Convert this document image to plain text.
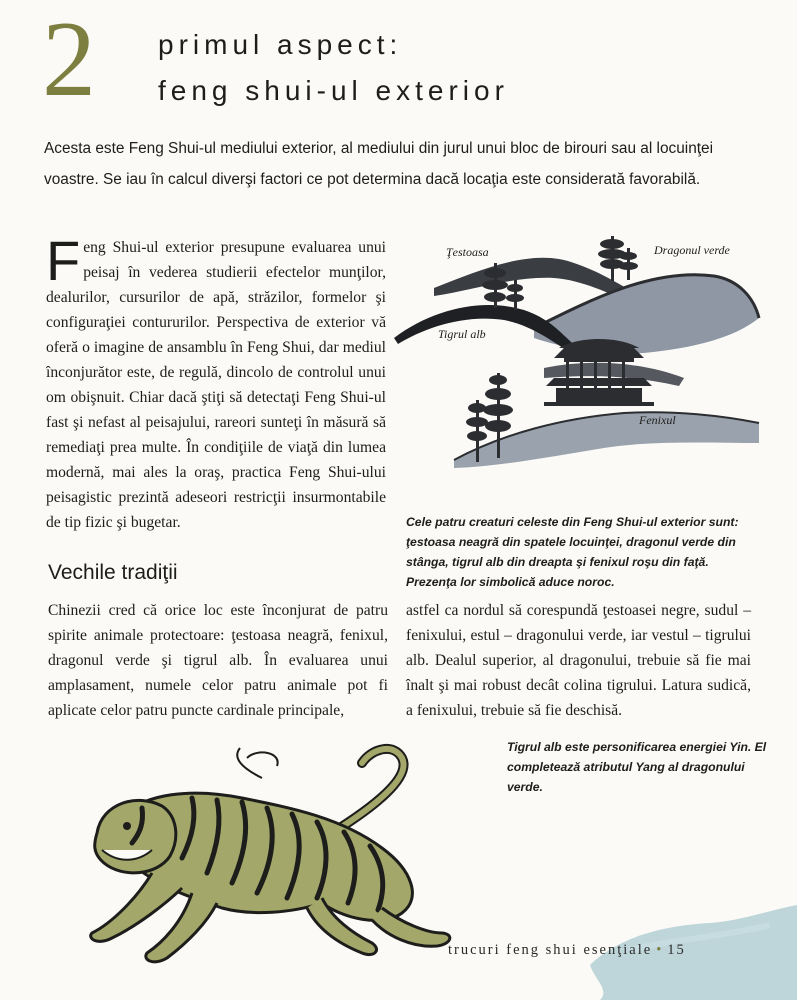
2 primul aspect:
feng shui-ul exterior
Acesta este Feng Shui-ul mediului exterior, al mediului din jurul unui bloc de birouri sau al locuinţei voastre. Se iau în calcul diverşi factori ce pot determina dacă locaţia este considerată favorabilă.

Feng Shui-ul exterior presupune evaluarea unui peisaj în vederea studierii efectelor munţilor, dealurilor, cursurilor de apă, străzilor, formelor şi configuraţiei contururilor. Perspectiva de exterior vă oferă o imagine de ansamblu în Feng Shui, dar mediul înconjurător este, de regulă, dincolo de controlul unui om obişnuit. Chiar dacă ştiţi să detectaţi Feng Shui-ul fast şi nefast al peisajului, rareori sunteţi în măsură să remediaţi prea multe. În condiţiile de viaţă din lumea modernă, mai ales la oraş, practica Feng Shui-ului peisagistic prezintă adeseori restricţii insurmontabile de tip fizic şi bugetar.

Vechile tradiţii

Chinezii cred că orice loc este înconjurat de patru spirite animale protectoare: ţestoasa neagră, fenixul, dragonul verde şi tigrul alb. În evaluarea unui amplasament, numele celor patru animale pot fi aplicate celor patru puncte cardinale principale,

astfel ca nordul să corespundă ţestoasei negre, sudul – fenixului, estul – dragonului verde, iar vestul – tigrului alb. Dealul superior, al dragonului, trebuie să fie mai înalt şi mai robust decât colina tigrului. Latura sudică, a fenixului, trebuie să fie deschisă.

Ţestoasa	Dragonul verde
Tigrul alb
Fenixul
Cele patru creaturi celeste din Feng Shui-ul exterior sunt: ţestoasa neagră din spatele locuinţei, dragonul verde din stânga, tigrul alb din dreapta şi fenixul roşu din faţă. Prezenţa lor simbolică aduce noroc.
Tigrul alb este personificarea energiei Yin. El completează atributul Yang al dragonului verde.
trucuri feng shui esenţiale • 15
